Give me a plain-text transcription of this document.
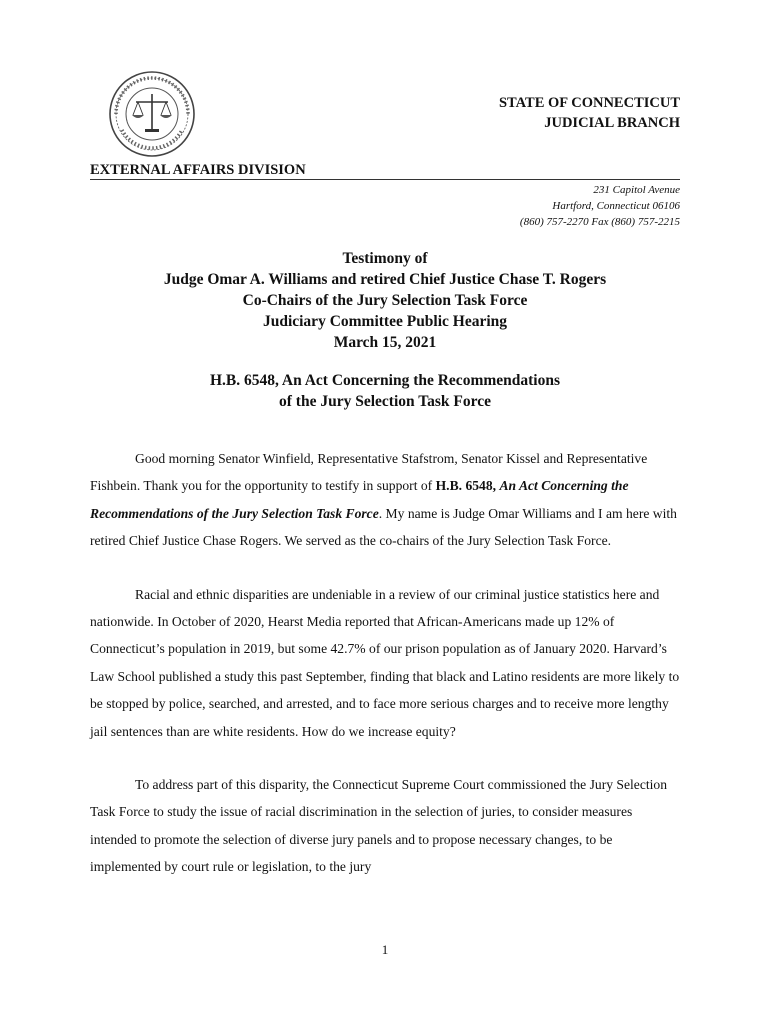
STATE OF CONNECTICUT
JUDICIAL BRANCH
EXTERNAL AFFAIRS DIVISION
231 Capitol Avenue
Hartford, Connecticut 06106
(860) 757-2270 Fax (860) 757-2215
Testimony of
Judge Omar A. Williams and retired Chief Justice Chase T. Rogers
Co-Chairs of the Jury Selection Task Force
Judiciary Committee Public Hearing
March 15, 2021
H.B. 6548, An Act Concerning the Recommendations
of the Jury Selection Task Force

Good morning Senator Winfield, Representative Stafstrom, Senator Kissel and Representative Fishbein. Thank you for the opportunity to testify in support of H.B. 6548, An Act Concerning the Recommendations of the Jury Selection Task Force. My name is Judge Omar Williams and I am here with retired Chief Justice Chase Rogers. We served as the co-chairs of the Jury Selection Task Force.

Racial and ethnic disparities are undeniable in a review of our criminal justice statistics here and nationwide. In October of 2020, Hearst Media reported that African-Americans made up 12% of Connecticut’s population in 2019, but some 42.7% of our prison population as of January 2020. Harvard’s Law School published a study this past September, finding that black and Latino residents are more likely to be stopped by police, searched, and arrested, and to face more serious charges and to receive more lengthy jail sentences than are white residents. How do we increase equity?

To address part of this disparity, the Connecticut Supreme Court commissioned the Jury Selection Task Force to study the issue of racial discrimination in the selection of juries, to consider measures intended to promote the selection of diverse jury panels and to propose necessary changes, to be implemented by court rule or legislation, to the jury

1
